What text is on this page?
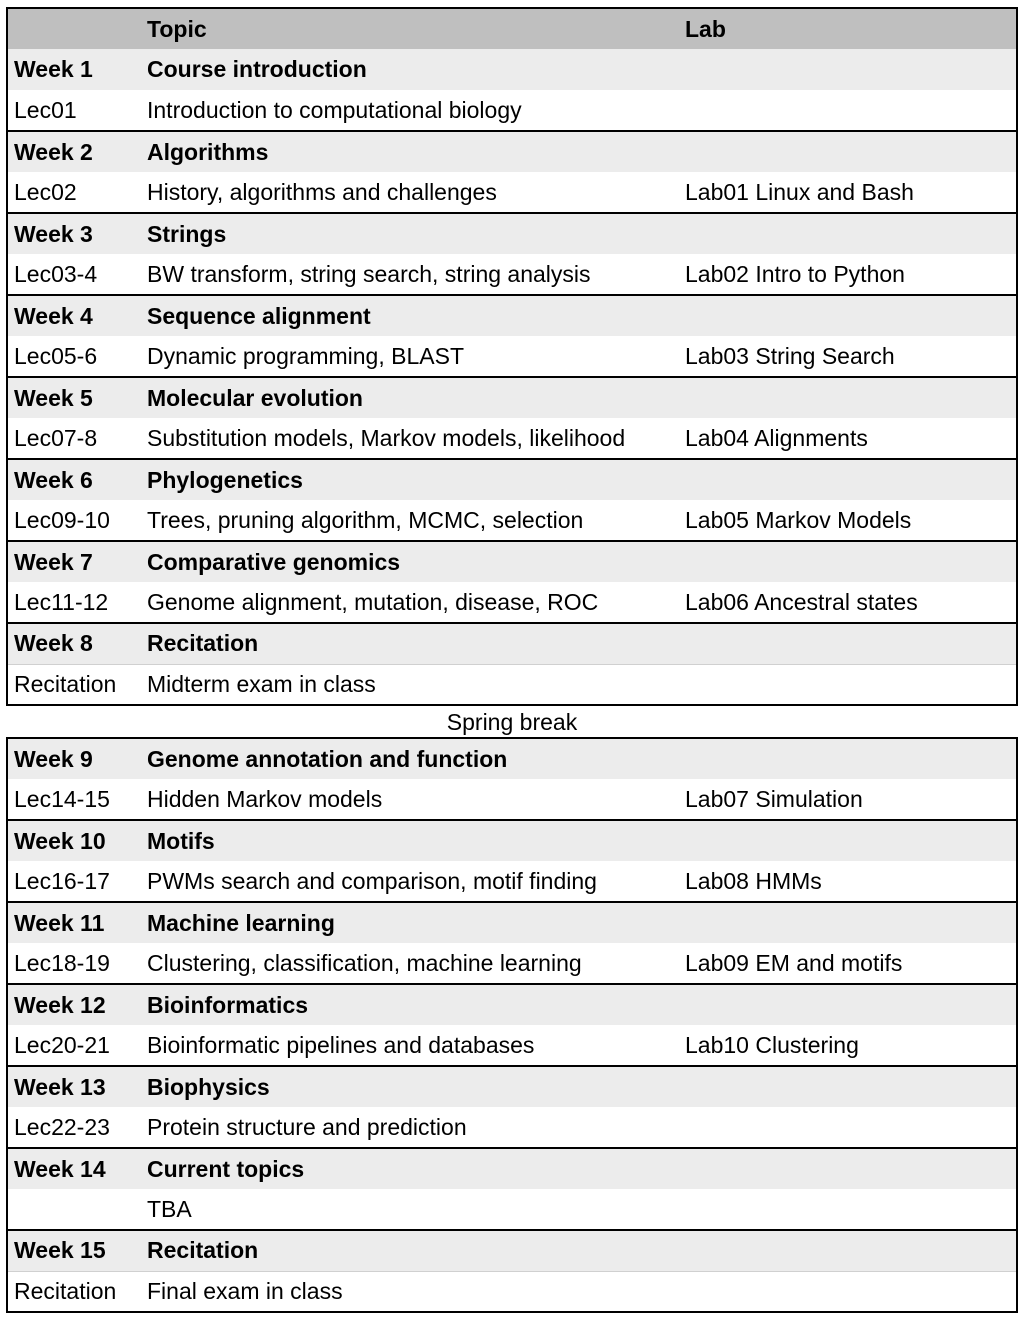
	Topic	Lab
Week 1	Course introduction	
Lec01	Introduction to computational biology	
Week 2	Algorithms	
Lec02	History, algorithms and challenges	Lab01 Linux and Bash
Week 3	Strings	
Lec03-4	BW transform, string search, string analysis	Lab02 Intro to Python
Week 4	Sequence alignment	
Lec05-6	Dynamic programming, BLAST	Lab03 String Search
Week 5	Molecular evolution	
Lec07-8	Substitution models, Markov models, likelihood	Lab04 Alignments
Week 6	Phylogenetics	
Lec09-10	Trees, pruning algorithm, MCMC, selection	Lab05 Markov Models
Week 7	Comparative genomics	
Lec11-12	Genome alignment, mutation, disease, ROC	Lab06 Ancestral states
Week 8	Recitation	
Recitation	Midterm exam in class	
Spring break
Week 9	Genome annotation and function	
Lec14-15	Hidden Markov models	Lab07 Simulation
Week 10	Motifs	
Lec16-17	PWMs search and comparison, motif finding	Lab08 HMMs
Week 11	Machine learning	
Lec18-19	Clustering, classification, machine learning	Lab09 EM and motifs
Week 12	Bioinformatics	
Lec20-21	Bioinformatic pipelines and databases	Lab10 Clustering
Week 13	Biophysics	
Lec22-23	Protein structure and prediction	
Week 14	Current topics	
	TBA	
Week 15	Recitation	
Recitation	Final exam in class	
